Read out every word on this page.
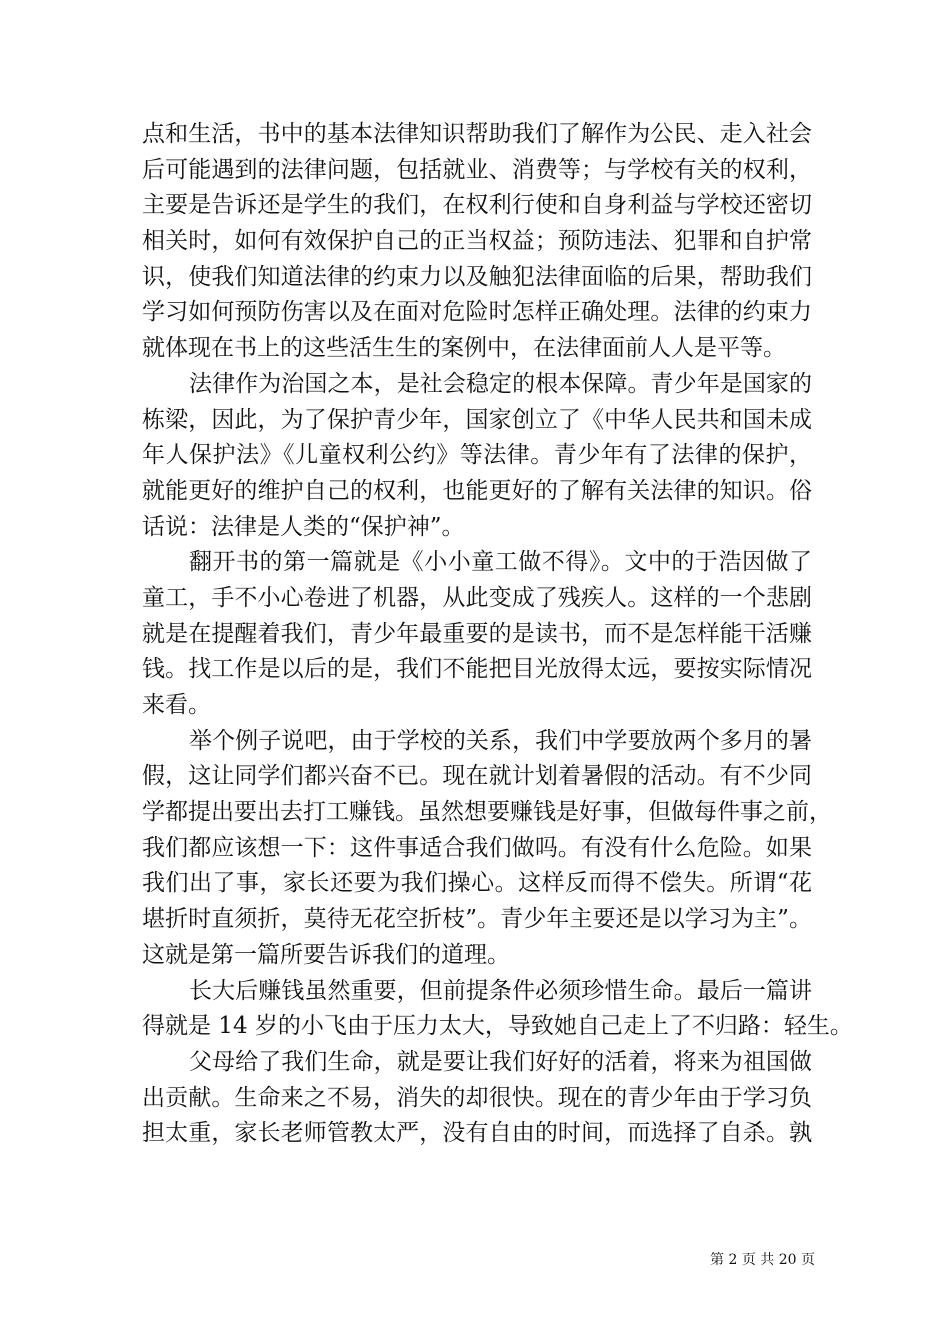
点和生活，书中的基本法律知识帮助我们了解作为公民、走入社会
后可能遇到的法律问题，包括就业、消费等；与学校有关的权利，
主要是告诉还是学生的我们，在权利行使和自身利益与学校还密切
相关时，如何有效保护自己的正当权益；预防违法、犯罪和自护常
识，使我们知道法律的约束力以及触犯法律面临的后果，帮助我们
学习如何预防伤害以及在面对危险时怎样正确处理。法律的约束力
就体现在书上的这些活生生的案例中，在法律面前人人是平等。
法律作为治国之本，是社会稳定的根本保障。青少年是国家的
栋梁，因此，为了保护青少年，国家创立了《中华人民共和国未成
年人保护法》《儿童权利公约》等法律。青少年有了法律的保护，
就能更好的维护自己的权利，也能更好的了解有关法律的知识。俗
话说：法律是人类的“保护神”。
翻开书的第一篇就是《小小童工做不得》。文中的于浩因做了
童工，手不小心卷进了机器，从此变成了残疾人。这样的一个悲剧
就是在提醒着我们，青少年最重要的是读书，而不是怎样能干活赚
钱。找工作是以后的是，我们不能把目光放得太远，要按实际情况
来看。
举个例子说吧，由于学校的关系，我们中学要放两个多月的暑
假，这让同学们都兴奋不已。现在就计划着暑假的活动。有不少同
学都提出要出去打工赚钱。虽然想要赚钱是好事，但做每件事之前，
我们都应该想一下：这件事适合我们做吗。有没有什么危险。如果
我们出了事，家长还要为我们操心。这样反而得不偿失。所谓“花
堪折时直须折，莫待无花空折枝”。青少年主要还是以学习为主”。
这就是第一篇所要告诉我们的道理。
长大后赚钱虽然重要，但前提条件必须珍惜生命。最后一篇讲
得就是 14 岁的小飞由于压力太大，导致她自己走上了不归路：轻生。
父母给了我们生命，就是要让我们好好的活着，将来为祖国做
出贡献。生命来之不易，消失的却很快。现在的青少年由于学习负
担太重，家长老师管教太严，没有自由的时间，而选择了自杀。孰
第 2 页 共 20 页
